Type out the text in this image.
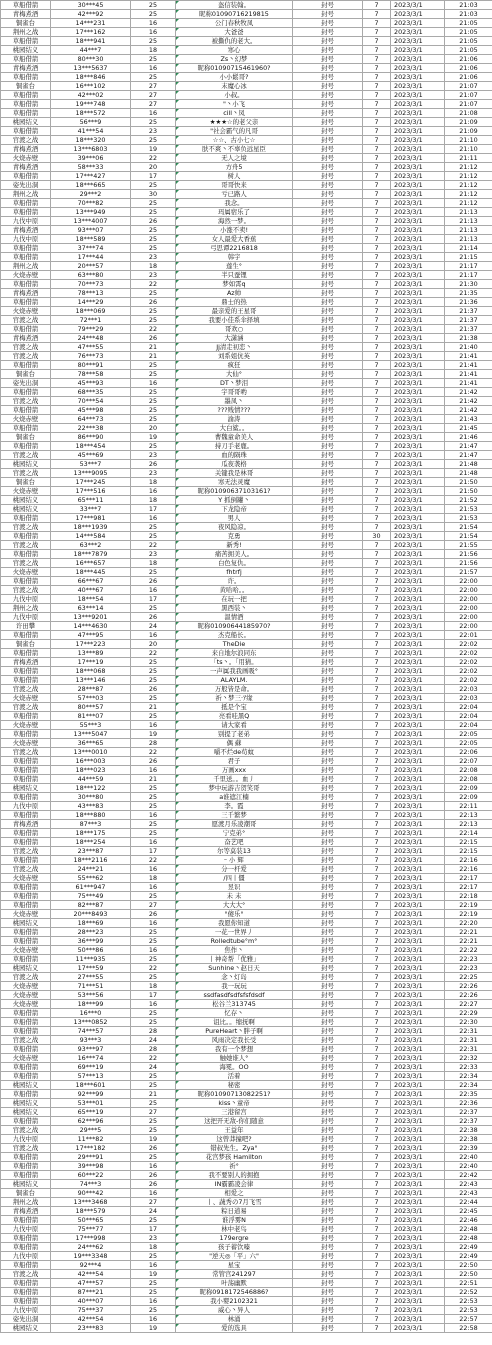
草船借箭	30***45	25	盔信装翰。	封号	7	2023/3/1	21:03
青梅煮酒	42***92	25	昵称01090716219815	封号	7	2023/3/1	21:03
铜雀台	14***231	16	公门春秋牧凤	封号	7	2023/3/1	21:05
荆州之战	17***162	16	大爸爸	封号	7	2023/3/1	21:05
草船借箭	18***941	25	被撕仇的老大。	封号	7	2023/3/1	21:05
桃园结义	44***7	18	寒心	封号	7	2023/3/1	21:05
草船借箭	80***30	25	Zs丶幻梦	封号	7	2023/3/1	21:06
青梅煮酒	13***5637	16	昵称01090715461960?	封号	7	2023/3/1	21:06
草船借箭	18***846	25	小小鬆哥?	封号	7	2023/3/1	21:06
铜雀台	16***102	27	末魔心冰	封号	7	2023/3/1	21:07
草船借箭	42***02	27	小叔。	封号	7	2023/3/1	21:07
草船借箭	19***748	27	"丶小飞	封号	7	2023/3/1	21:07
草船借箭	18***572	16	cill丶凤	封号	7	2023/3/1	21:08
桃园结义	56***9	25	★★★☆的老父亲	封号	7	2023/3/1	21:09
草船借箭	41***54	23	"社会霸气的凡哥	封号	7	2023/3/1	21:09
官渡之战	18***320	25	☆☆、古小七☆	封号	7	2023/3/1	21:10
青梅煮酒	13***6803	19	肤不爽丶不辜负远星臣	封号	7	2023/3/1	21:10
火烧赤壁	39***06	22	无人之境	封号	7	2023/3/1	21:11
青梅煮酒	58***33	20	方舟5	封号	7	2023/3/1	21:12
草船借箭	17***427	17	树人	封号	7	2023/3/1	21:12
姿先出洞	18***665	25	哥哥快来	封号	7	2023/3/1	21:12
荆州之战	29***2	30	亏已路人	封号	7	2023/3/1	21:12
草船借箭	70***82	25	我念。	封号	7	2023/3/1	21:12
草船借箭	13***949	25	玛属宿乐了	封号	7	2023/3/1	21:13
九伐中原	13***4007	26	海然一梦。	封号	7	2023/3/1	21:13
青梅煮酒	93***07	25	小涨不卖!	封号	7	2023/3/1	21:13
九伐中原	18***589	25	女人最爱大香蕉	封号	7	2023/3/1	21:13
草船借箭	37***74	25	弓思谭2216818	封号	7	2023/3/1	21:14
草船借箭	17***44	23	韩宇	封号	7	2023/3/1	21:15
荆州之战	20***57	18	莲生°	封号	7	2023/3/1	21:17
火烧赤壁	63***80	23	半只蚕锂	封号	7	2023/3/1	21:17
草船借箭	70***73	22	梦如霄q	封号	7	2023/3/1	21:30
青梅煮酒	78***13	25	Az帅	封号	7	2023/3/1	21:35
草船借箭	14***29	26	鼎士的热	封号	7	2023/3/1	21:36
火烧赤壁	18***069	25	最亲爱的王星哥	封号	7	2023/3/1	21:37
官渡之战	72***1	25	我要小佳系伞择填	封号	7	2023/3/1	21:37
草船借箭	79***29	22	哥欢○	封号	7	2023/3/1	21:37
青梅煮酒	24***48	26	大潇涵	封号	7	2023/3/1	21:38
官渡之战	47***55	21	Jj清走初恋丶	封号	7	2023/3/1	21:40
官渡之战	76***73	21	刘系姐伉英	封号	7	2023/3/1	21:41
草船借箭	80***91	25	疯狂	封号	7	2023/3/1	21:41
铜雀台	78***58	25	大仙°	封号	7	2023/3/1	21:41
姿先出洞	45***93	16	DT丶梦泪	封号	7	2023/3/1	21:41
草船借箭	68***35	25	宇哥哥哟	封号	7	2023/3/1	21:42
官渡之战	70***54	25	墨凤丶	封号	7	2023/3/1	21:42
草船借箭	45***98	25	???贱情???	封号	7	2023/3/1	21:42
火烧赤壁	64***73	25	渝涛	封号	7	2023/3/1	21:43
草船借箭	22***38	20	大白鲨。。	封号	7	2023/3/1	21:45
铜雀台	86***90	19	曹魏童命美人	封号	7	2023/3/1	21:46
草船借箭	18***454	25	持刀手老鹿。	封号	7	2023/3/1	21:47
官渡之战	45***69	23	血的陨珠	封号	7	2023/3/1	21:47
桃园结义	53***7	26	瓜夜袭格	封号	7	2023/3/1	21:48
官渡之战	13***9095	23	关键我是林哥	封号	7	2023/3/1	21:48
铜雀台	17***245	18	寒无法灵魔	封号	7	2023/3/1	21:50
火烧赤壁	17***516	16	昵称01090637103161?	封号	7	2023/3/1	21:50
桃园结义	65***11	18	Y 抓倒罐丶	封号	7	2023/3/1	21:52
桃园结义	33***7	17	下龙隐帝	封号	7	2023/3/1	21:53
草船借箭	17***981	16	男人	封号	7	2023/3/1	21:53
官渡之战	18***1939	25	夜风隐凉。	封号	7	2023/3/1	21:54
草船借箭	14***584	25	克勇	封号	30	2023/3/1	21:54
官渡之战	63***2	22	新秀!	封号	7	2023/3/1	21:55
草船借箭	18***7879	23	痛苦拥美人。	封号	7	2023/3/1	21:56
官渡之战	16***657	18	白色复仇。	封号	7	2023/3/1	21:56
火烧赤壁	18***445	25	fhtrfj	封号	7	2023/3/1	21:57
草船借箭	66***67	26	许。	封号	7	2023/3/1	22:00
官渡之战	40***67	16	黄哈哈。。	封号	7	2023/3/1	22:00
九伐中原	18***54	17	在玩一把	封号	7	2023/3/1	22:00
荆州之战	63***14	25	黑西装丶	封号	7	2023/3/1	22:00
九伐中原	13***9201	26	温情酒	封号	7	2023/3/1	22:00
许田攀	14***4630	24	昵称01090644185970?	封号	7	2023/3/1	22:00
草船借箭	47***95	16	杰克船长。	封号	7	2023/3/1	22:01
铜雀台	17***223	20	TheDie	封号	7	2023/3/1	22:02
草船借箭	13***89	22	来自地尔浪同东	封号	7	2023/3/1	22:02
青梅煮酒	17***19	25	「ts丶。「用猜。	封号	7	2023/3/1	22:02
草船借箭	18***068	25	一声属我我画吸°	封号	7	2023/3/1	22:02
草船借箭	13***146	25	ALAYLM.	封号	7	2023/3/1	22:02
官渡之战	28***87	26	万般皆是命。	封号	7	2023/3/1	22:03
火烧赤壁	57***03	25	祈丶梦三·ｱ缘	封号	7	2023/3/1	22:03
官渡之战	80***57	21	抵是个宝	封号	7	2023/3/1	22:04
草船借箭	81***07	25	亮看哇黑Q	封号	7	2023/3/1	22:04
火烧赤壁	55***3	16	请大家看	封号	7	2023/3/1	22:04
草船借箭	13***5047	19	别提了老弟	封号	7	2023/3/1	22:05
火烧赤壁	36***65	28	偶 蘇	封号	7	2023/3/1	22:05
官渡之战	13***0010	22	嚼不烂de苟蚊	封号	7	2023/3/1	22:06
草船借箭	16***003	26	君子	封号	7	2023/3/1	22:07
草船借箭	18***023	16	万画xxx	封号	7	2023/3/1	22:08
草船借箭	44***59	21	千里送。。血丿	封号	7	2023/3/1	22:08
桃园结义	18***122	25	梦中玩游吉贺笑哥	封号	7	2023/3/1	22:09
草船借箭	30***80	25	a谁遮江楠	封号	7	2023/3/1	22:09
九伐中原	43***83	25	李。霞	封号	7	2023/3/1	22:11
草船借箭	18***880	16	三千繁梦	封号	7	2023/3/1	22:13
青梅煮酒	87***3	25	愿渡月乐凌潮哥	封号	7	2023/3/1	22:13
草船借箭	18***175	25	宁克弟°	封号	7	2023/3/1	22:14
草船借箭	18***254	16	奋艺吧	封号	7	2023/3/1	22:15
官渡之战	23***87	17	尔等莫装13	封号	7	2023/3/1	22:15
草船借箭	18***2116	22	ᵕ 小 辉	封号	7	2023/3/1	22:16
官渡之战	24***21	16	分一杆爱	封号	7	2023/3/1	22:16
火烧赤壁	55***62	18	/四丨僵	封号	7	2023/3/1	22:17
草船借箭	61***947	16	昱识	封号	7	2023/3/1	22:17
草船借箭	75***49	25	未 未	封号	7	2023/3/1	22:18
草船借箭	82***87	27	大大大°	封号	7	2023/3/1	22:19
火烧赤壁	20***8493	26	°傻乐°	封号	7	2023/3/1	22:19
桃园结义	18***69	16	我愿你知道	封号	7	2023/3/1	22:20
草船借箭	28***23	25	一花一世界丿	封号	7	2023/3/1	22:21
草船借箭	36***99	25	Rolledtube°m°	封号	7	2023/3/1	22:21
火烧赤壁	50***86	16	焦作丶	封号	7	2023/3/1	22:22
草船借箭	11***935	25	丨神奇帮「优雅」	封号	7	2023/3/1	22:23
桃园结义	17***59	22	Sunhine丶赵日天	封号	7	2023/3/1	22:23
官渡之战	27***55	25	念丶灯岛	封号	7	2023/3/1	22:25
火烧赤壁	71***51	18	我一玩玩	封号	7	2023/3/1	22:26
火烧赤壁	53***56	17	ssdfasdfsdfsfsfdsdf	封号	7	2023/3/1	22:26
火烧赤壁	18***99	16	松谷兰313745	封号	7	2023/3/1	22:27
草船借箭	16***0	25	忆存丶	封号	7	2023/3/1	22:29
草船借箭	13***0852	25	诅比。。缩抚啊	封号	7	2023/3/1	22:30
草船借箭	74***57	28	PureHeart丶胖子啊	封号	7	2023/3/1	22:31
官渡之战	93***3	24	风雨决定我长受	封号	7	2023/3/1	22:31
草船借箭	93***97	28	我有一个梦想	封号	7	2023/3/1	22:31
火烧赤壁	16***74	22	触她谁人°	封号	7	2023/3/1	22:32
草船借箭	69***19	24	海冕。OO	封号	7	2023/3/1	22:33
草船借箭	57***13	25	活着	封号	7	2023/3/1	22:34
桃园结义	18***601	25	秘密	封号	7	2023/3/1	22:34
草船借箭	92***99	21	昵称01090713082251?	封号	7	2023/3/1	22:35
桃园结义	53***01	25	kiss丶童帝	封号	7	2023/3/1	22:36
桃园结义	65***19	27	三港留宫	封号	7	2023/3/1	22:37
草船借箭	62***96	25	这把开无敌-你们随意	封号	7	2023/3/1	22:37
官渡之战	29***5	25	王益年	封号	7	2023/3/1	22:38
九伐中原	11***82	19	这曾莽撞吧?	封号	7	2023/3/1	22:38
官渡之战	17***182	26	错叔先生。Zya°	封号	7	2023/3/1	22:39
草船借箭	29***91	25	花宫梦孩 Hamilton	封号	7	2023/3/1	22:40
草船借箭	39***98	16	祈°	封号	7	2023/3/1	22:40
草船借箭	60***22	26	我不要别人的拥抱	封号	7	2023/3/1	22:42
桃园结义	74***3	26	IN霸霸凌会律	封号	7	2023/3/1	22:43
铜雀台	90***42	16	相爱之	封号	7	2023/3/1	22:43
荆州之战	13***3468	27	丨、蔬秀の7月飞雪	封号	7	2023/3/1	22:44
青梅煮酒	18***579	24	粽日道易	封号	7	2023/3/1	22:45
草船借箭	50***65	25	谁浮雾N	封号	7	2023/3/1	22:46
九伐中原	75***77	17	林中老鸟	封号	7	2023/3/1	22:48
草船借箭	17***998	23	179ergre	封号	7	2023/3/1	22:48
草船借箭	24***62	18	孩子蓄饮嗪	封号	7	2023/3/1	22:49
九伐中原	19***3348	25	"逆天◎「平」六"	封号	7	2023/3/1	22:49
草船借箭	92***4	16	星宝	封号	7	2023/3/1	22:50
官渡之战	42***54	19	常管宫241297	封号	7	2023/3/1	22:50
草船借箭	47***57	25	叶荡幽默	封号	7	2023/3/1	22:51
草船借箭	87***21	25	昵称0918172546886?	封号	7	2023/3/1	22:52
草船借箭	40***07	16	我小婴2102321	封号	7	2023/3/1	22:53
九伐中原	75***37	25	威心丶异人	封号	7	2023/3/1	22:53
姿先出洞	42***54	16	林涌	封号	7	2023/3/1	22:57
桃园结义	23***83	19	爱的选具	封号	7	2023/3/1	22:58
